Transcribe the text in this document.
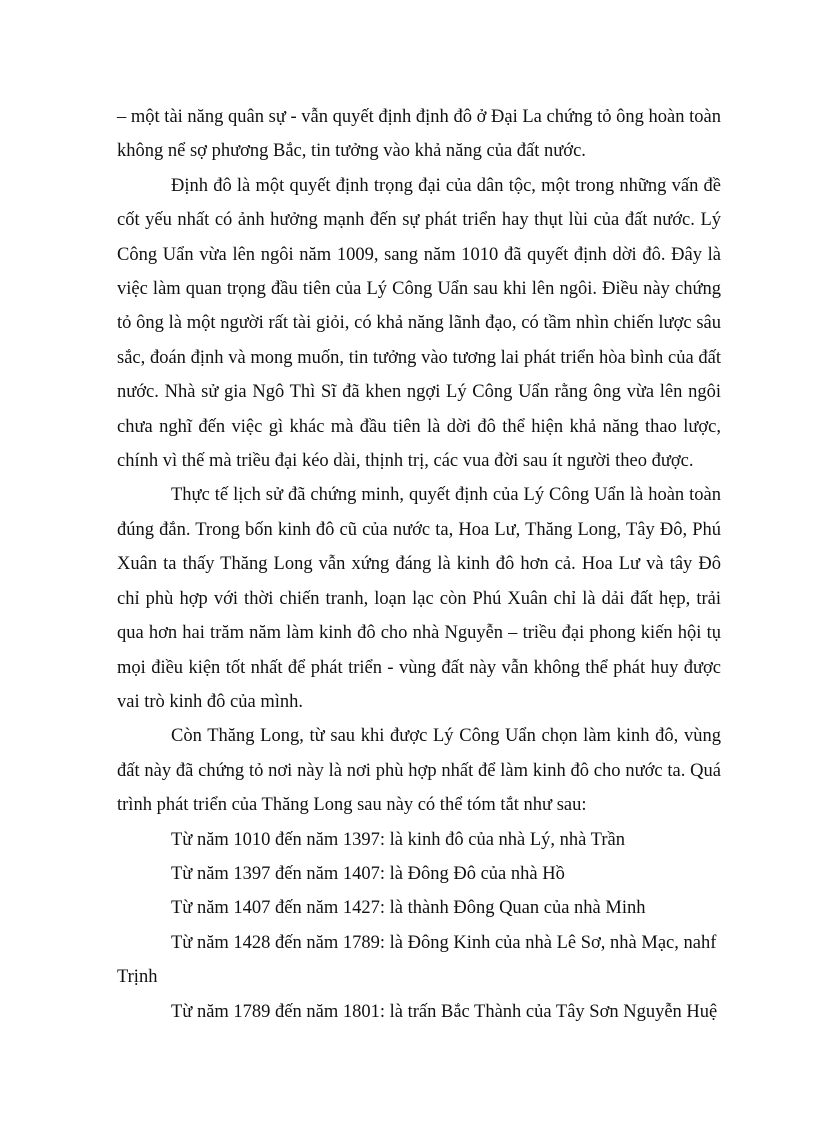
– một tài năng quân sự - vẫn quyết định định đô ở Đại La chứng tỏ ông hoàn toàn không nể sợ phương Bắc, tin tưởng vào khả năng của đất nước.

Định đô là một quyết định trọng đại của dân tộc, một trong những vấn đề cốt yếu nhất có ảnh hưởng mạnh đến sự phát triển hay thụt lùi của đất nước. Lý Công Uẩn vừa lên ngôi năm 1009, sang năm 1010 đã quyết định dời đô. Đây là việc làm quan trọng đầu tiên của Lý Công Uẩn sau khi lên ngôi. Điều này chứng tỏ ông là một người rất tài giỏi, có khả năng lãnh đạo, có tầm nhìn chiến lược sâu sắc, đoán định và mong muốn, tin tưởng vào tương lai phát triển hòa bình của đất nước. Nhà sử gia Ngô Thì Sĩ đã khen ngợi Lý Công Uẩn rằng ông vừa lên ngôi chưa nghĩ đến việc gì khác mà đầu tiên là dời đô thể hiện khả năng thao lược, chính vì thế mà triều đại kéo dài, thịnh trị, các vua đời sau ít người theo được.

Thực tế lịch sử đã chứng minh, quyết định của Lý Công Uẩn là hoàn toàn đúng đắn. Trong bốn kinh đô cũ của nước ta, Hoa Lư, Thăng Long, Tây Đô, Phú Xuân ta thấy Thăng Long vẫn xứng đáng là kinh đô hơn cả. Hoa Lư và tây Đô chỉ phù hợp với thời chiến tranh, loạn lạc còn Phú Xuân chỉ là dải đất hẹp, trải qua hơn hai trăm năm làm kinh đô cho nhà Nguyễn – triều đại phong kiến hội tụ mọi điều kiện tốt nhất để phát triển - vùng đất này vẫn không thể phát huy được vai trò kinh đô của mình.

Còn Thăng Long, từ sau khi được Lý Công Uẩn chọn làm kinh đô, vùng đất này đã chứng tỏ nơi này là nơi phù hợp nhất để làm kinh đô cho nước ta. Quá trình phát triển của Thăng Long sau này có thể tóm tắt như sau:

Từ năm 1010 đến năm 1397: là kinh đô của nhà Lý, nhà Trần

Từ năm 1397 đến năm 1407: là Đông Đô của nhà Hồ

Từ năm 1407 đến năm 1427: là thành Đông Quan của nhà Minh

Từ năm 1428 đến năm 1789: là Đông Kinh của nhà Lê Sơ, nhà Mạc, nahf Trịnh

Từ năm 1789 đến năm 1801: là trấn Bắc Thành của Tây Sơn Nguyễn Huệ
